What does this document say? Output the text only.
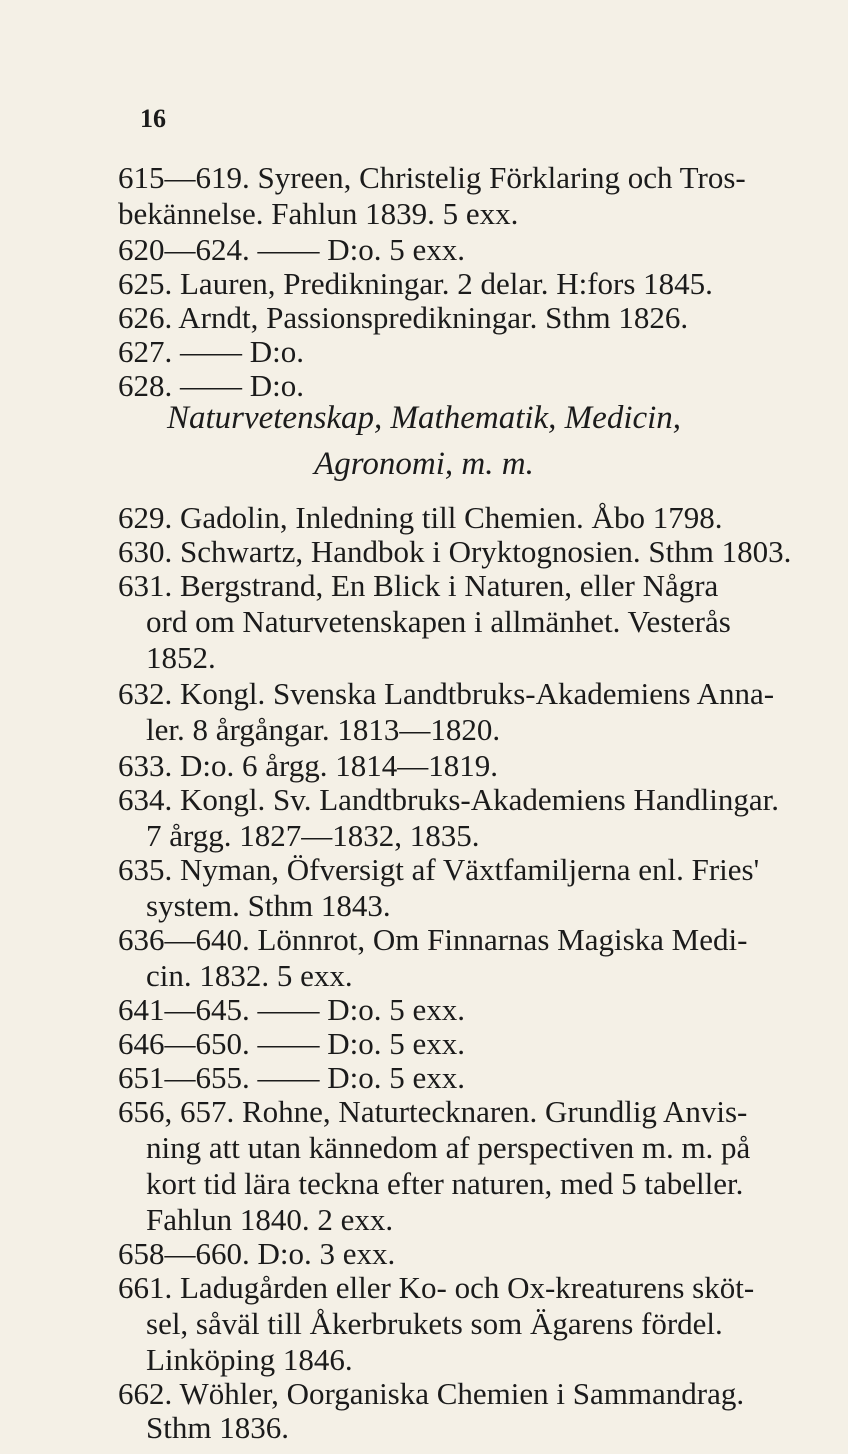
16
615—619. Syreen, Christelig Förklaring och Tros-
bekännelse. Fahlun 1839. 5 exx.
620—624. —— D:o. 5 exx.
625. Lauren, Predikningar. 2 delar. H:fors 1845.
626. Arndt, Passionspredikningar. Sthm 1826.
627. —— D:o.
628. —— D:o.
Naturvetenskap, Mathematik, Medicin,
Agronomi, m. m.
629. Gadolin, Inledning till Chemien. Åbo 1798.
630. Schwartz, Handbok i Oryktognosien. Sthm 1803.
631. Bergstrand, En Blick i Naturen, eller Några
ord om Naturvetenskapen i allmänhet. Vesterås
1852.
632. Kongl. Svenska Landtbruks-Akademiens Anna-
ler. 8 årgångar. 1813—1820.
633. D:o. 6 årgg. 1814—1819.
634. Kongl. Sv. Landtbruks-Akademiens Handlingar.
7 årgg. 1827—1832, 1835.
635. Nyman, Öfversigt af Växtfamiljerna enl. Fries'
system. Sthm 1843.
636—640. Lönnrot, Om Finnarnas Magiska Medi-
cin. 1832. 5 exx.
641—645. —— D:o. 5 exx.
646—650. —— D:o. 5 exx.
651—655. —— D:o. 5 exx.
656, 657. Rohne, Naturtecknaren. Grundlig Anvis-
ning att utan kännedom af perspectiven m. m. på
kort tid lära teckna efter naturen, med 5 tabeller.
Fahlun 1840. 2 exx.
658—660. D:o. 3 exx.
661. Ladugården eller Ko- och Ox-kreaturens sköt-
sel, såväl till Åkerbrukets som Ägarens fördel.
Linköping 1846.
662. Wöhler, Oorganiska Chemien i Sammandrag.
Sthm 1836.
